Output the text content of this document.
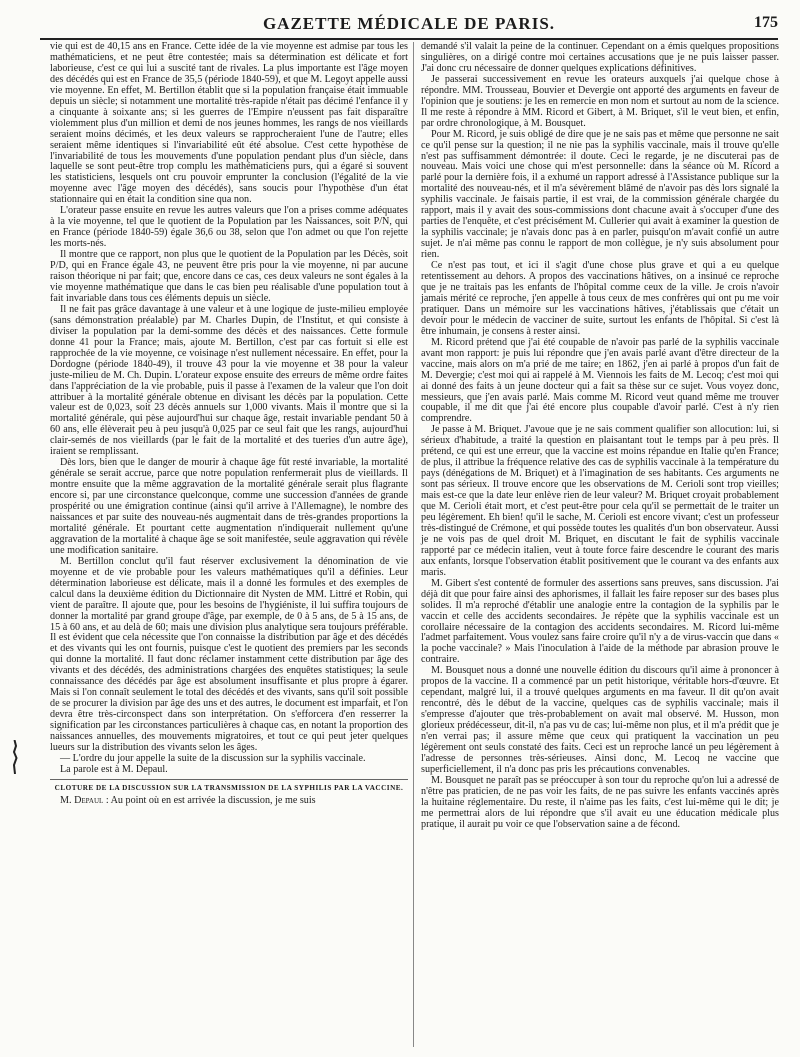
GAZETTE MÉDICALE DE PARIS.	175

vie qui est de 40,15 ans en France. Cette idée de la vie moyenne est admise par tous les mathématiciens, et ne peut être contestée; mais sa détermination est délicate et fort laborieuse, c'est ce qui lui a suscité tant de rivales. La plus importante est l'âge moyen des décédés qui est en France de 35,5 (période 1840-59), et que M. Legoyt appelle aussi vie moyenne. En effet, M. Bertillon établit que si la population française était immuable depuis un siècle; si notamment une mortalité très-rapide n'était pas décimé l'enfance il y a cinquante à soixante ans; si les guerres de l'Empire n'eussent pas fait disparaître violemment plus d'un million et demi de nos jeunes hommes, les rangs de nos vieillards seraient moins décimés, et les deux valeurs se rapprocheraient l'une de l'autre; elles seraient même identiques si l'invariabilité eût été absolue. C'est cette hypothèse de l'invariabilité de tous les mouvements d'une population pendant plus d'un siècle, dans laquelle se sont peut-être trop complu les mathématiciens purs, qui a égaré si souvent les statisticiens, lesquels ont cru pouvoir emprunter la conclusion (l'égalité de la vie moyenne avec l'âge moyen des décédés), sans soucis pour l'hypothèse d'un état stationnaire qui en était la condition sine qua non.

L'orateur passe ensuite en revue les autres valeurs que l'on a prises comme adéquates à la vie moyenne, tel que le quotient de la Population par les Naissances, soit P/N, qui en France (période 1840-59) égale 36,6 ou 38, selon que l'on admet ou que l'on rejette les morts-nés.

Il montre que ce rapport, non plus que le quotient de la Population par les Décès, soit P/D, qui en France égale 43, ne peuvent être pris pour la vie moyenne, ni par aucune raison théorique ni par fait; que, encore dans ce cas, ces deux valeurs ne sont égales à la vie moyenne mathématique que dans le cas bien peu réalisable d'une population tout à fait invariable dans tous ces éléments depuis un siècle.

Il ne fait pas grâce davantage à une valeur et à une logique de juste-milieu employée (sans démonstration préalable) par M. Charles Dupin, de l'Institut, et qui consiste à diviser la population par la demi-somme des décès et des naissances. Cette formule donne 41 pour la France; mais, ajoute M. Bertillon, c'est par cas fortuit si elle est rapprochée de la vie moyenne, ce voisinage n'est nullement nécessaire. En effet, pour la Dordogne (période 1840-49), il trouve 43 pour la vie moyenne et 38 pour la valeur juste-milieu de M. Ch. Dupin. L'orateur expose ensuite des erreurs de même ordre faites dans l'appréciation de la vie probable, puis il passe à l'examen de la valeur que l'on doit attribuer à la mortalité générale obtenue en divisant les décès par la population. Cette valeur est de 0,023, soit 23 décès annuels sur 1,000 vivants. Mais il montre que si la mortalité générale, qui pèse aujourd'hui sur chaque âge, restait invariable pendant 50 à 60 ans, elle élèverait peu à peu jusqu'à 0,025 par ce seul fait que les rangs, aujourd'hui clair-semés de nos vieillards (par le fait de la mortalité et des tueries d'un autre âge), iraient se remplissant.

Dès lors, bien que le danger de mourir à chaque âge fût resté invariable, la mortalité générale se serait accrue, parce que notre population renfermerait plus de vieillards. Il montre ensuite que la même aggravation de la mortalité générale serait plus flagrante encore si, par une circonstance quelconque, comme une succession d'années de grande prospérité ou une émigration continue (ainsi qu'il arrive à l'Allemagne), le nombre des naissances et par suite des nouveau-nés augmentait dans de très-grandes proportions la mortalité générale. Et pourtant cette augmentation n'indiquerait nullement qu'une aggravation de la mortalité à chaque âge se soit manifestée, seule aggravation qui révèle une modification sanitaire.

M. Bertillon conclut qu'il faut réserver exclusivement la dénomination de vie moyenne et de vie probable pour les valeurs mathématiques qu'il a définies. Leur détermination laborieuse est délicate, mais il a donné les formules et des exemples de calcul dans la deuxième édition du Dictionnaire dit Nysten de MM. Littré et Robin, qui vient de paraître. Il ajoute que, pour les besoins de l'hygiéniste, il lui suffira toujours de donner la mortalité par grand groupe d'âge, par exemple, de 0 à 5 ans, de 5 à 15 ans, de 15 à 60 ans, et au delà de 60; mais une division plus analytique sera toujours préférable. Il est évident que cela nécessite que l'on connaisse la distribution par âge et des décédés et des vivants qui les ont fournis, puisque c'est le quotient des premiers par les seconds qui donne la mortalité. Il faut donc réclamer instamment cette distribution par âge des vivants et des décédés, des administrations chargées des enquêtes statistiques; la seule connaissance des décédés par âge est absolument insuffisante et plus propre à égarer. Mais si l'on connaît seulement le total des décédés et des vivants, sans qu'il soit possible de se procurer la division par âge des uns et des autres, le document est imparfait, et l'on devra être très-circonspect dans son interprétation. On s'efforcera d'en resserrer la signification par les circonstances particulières à chaque cas, en notant la proportion des naissances annuelles, des mouvements migratoires, et tout ce qui peut jeter quelques lueurs sur la distribution des vivants selon les âges.

— L'ordre du jour appelle la suite de la discussion sur la syphilis vaccinale.

La parole est à M. Depaul.

CLOTURE DE LA DISCUSSION SUR LA TRANSMISSION DE LA SYPHILIS PAR LA VACCINE.

M. Depaul : Au point où en est arrivée la discussion, je me suis

demandé s'il valait la peine de la continuer. Cependant on a émis quelques propositions singulières, on a dirigé contre moi certaines accusations que je ne puis laisser passer. J'ai donc cru nécessaire de donner quelques explications définitives.

Je passerai successivement en revue les orateurs auxquels j'ai quelque chose à répondre. MM. Trousseau, Bouvier et Devergie ont apporté des arguments en faveur de l'opinion que je soutiens: je les en remercie en mon nom et surtout au nom de la science. Il me reste à répondre à MM. Ricord et Gibert, à M. Briquet, s'il le veut bien, et enfin, par ordre chronologique, à M. Bousquet.

Pour M. Ricord, je suis obligé de dire que je ne sais pas et même que personne ne sait ce qu'il pense sur la question; il ne nie pas la syphilis vaccinale, mais il trouve qu'elle n'est pas suffisamment démontrée: il doute. Ceci le regarde, je ne discuterai pas de nouveau. Mais voici une chose qui m'est personnelle: dans la séance où M. Ricord a parlé pour la dernière fois, il a exhumé un rapport adressé à l'Assistance publique sur la mortalité des nouveau-nés, et il m'a sévèrement blâmé de n'avoir pas dès lors signalé la syphilis vaccinale. Je faisais partie, il est vrai, de la commission générale chargée du rapport, mais il y avait des sous-commissions dont chacune avait à s'occuper d'une des parties de l'enquête, et c'est précisément M. Cullerier qui avait à examiner la question de la syphilis vaccinale; je n'avais donc pas à en parler, puisqu'on m'avait confié un autre sujet. Je n'ai même pas connu le rapport de mon collègue, je n'y suis absolument pour rien.

Ce n'est pas tout, et ici il s'agit d'une chose plus grave et qui a eu quelque retentissement au dehors. A propos des vaccinations hâtives, on a insinué ce reproche que je ne traitais pas les enfants de l'hôpital comme ceux de la ville. Je crois n'avoir jamais mérité ce reproche, j'en appelle à tous ceux de mes confrères qui ont pu me voir pratiquer. Dans un mémoire sur les vaccinations hâtives, j'établissais que c'était un devoir pour le médecin de vacciner de suite, surtout les enfants de l'hôpital. Si c'est là être inhumain, je consens à rester ainsi.

M. Ricord prétend que j'ai été coupable de n'avoir pas parlé de la syphilis vaccinale avant mon rapport: je puis lui répondre que j'en avais parlé avant d'être directeur de la vaccine, mais alors on m'a prié de me taire; en 1862, j'en ai parlé à propos d'un fait de M. Devergie; c'est moi qui ai rappelé à M. Viennois les faits de M. Lecoq; c'est moi qui ai donné des faits à un jeune docteur qui a fait sa thèse sur ce sujet. Vous voyez donc, messieurs, que j'en avais parlé. Mais comme M. Ricord veut quand même me trouver coupable, il me dit que j'ai été encore plus coupable d'avoir parlé. C'est à n'y rien comprendre.

Je passe à M. Briquet. J'avoue que je ne sais comment qualifier son allocution: lui, si sérieux d'habitude, a traité la question en plaisantant tout le temps par à peu près. Il prétend, ce qui est une erreur, que la vaccine est moins répandue en Italie qu'en France; de plus, il attribue la fréquence relative des cas de syphilis vaccinale à la température du pays (dénégations de M. Briquet) et à l'imagination de ses habitants. Ces arguments ne sont pas sérieux. Il trouve encore que les observations de M. Cerioli sont trop vieilles; mais est-ce que la date leur enlève rien de leur valeur? M. Briquet croyait probablement que M. Cerioli était mort, et c'est peut-être pour cela qu'il se permettait de le traiter un peu légèrement. Eh bien! qu'il le sache, M. Cerioli est encore vivant; c'est un professeur très-distingué de Crémone, et qui possède toutes les qualités d'un bon observateur. Aussi je ne vois pas de quel droit M. Briquet, en discutant le fait de syphilis vaccinale rapporté par ce médecin italien, veut à toute force faire descendre le courant des maris aux enfants, lorsque l'observation établit positivement que le courant va des enfants aux maris.

M. Gibert s'est contenté de formuler des assertions sans preuves, sans discussion. J'ai déjà dit que pour faire ainsi des aphorismes, il fallait les faire reposer sur des bases plus solides. Il m'a reproché d'établir une analogie entre la contagion de la syphilis par le vaccin et celle des accidents secondaires. Je répète que la syphilis vaccinale est un corollaire nécessaire de la contagion des accidents secondaires. M. Ricord lui-même l'admet parfaitement. Vous voulez sans faire croire qu'il n'y a de virus-vaccin que dans « la poche vaccinale? » Mais l'inoculation à l'aide de la méthode par abrasion prouve le contraire.

M. Bousquet nous a donné une nouvelle édition du discours qu'il aime à prononcer à propos de la vaccine. Il a commencé par un petit historique, véritable hors-d'œuvre. Et cependant, malgré lui, il a trouvé quelques arguments en ma faveur. Il dit qu'on avait rencontré, dès le début de la vaccine, quelques cas de syphilis vaccinale; mais il s'empresse d'ajouter que très-probablement on avait mal observé. M. Husson, mon glorieux prédécesseur, dit-il, n'a pas vu de cas; lui-même non plus, et il m'a prédit que je n'en verrai pas; il assure même que ceux qui pratiquent la vaccination un peu légèrement ont seuls constaté des faits. Ceci est un reproche lancé un peu légèrement à l'adresse de personnes très-sérieuses. Ainsi donc, M. Lecoq ne vaccine que superficiellement, il n'a donc pas pris les précautions convenables.

M. Bousquet ne paraît pas se préoccuper à son tour du reproche qu'on lui a adressé de n'être pas praticien, de ne pas voir les faits, de ne pas suivre les enfants vaccinés après la huitaine réglementaire. Du reste, il n'aime pas les faits, c'est lui-même qui le dit; je me permettrai alors de lui répondre que s'il avait eu une éducation médicale plus pratique, il aurait pu voir ce que l'observation saine a de fécond.
